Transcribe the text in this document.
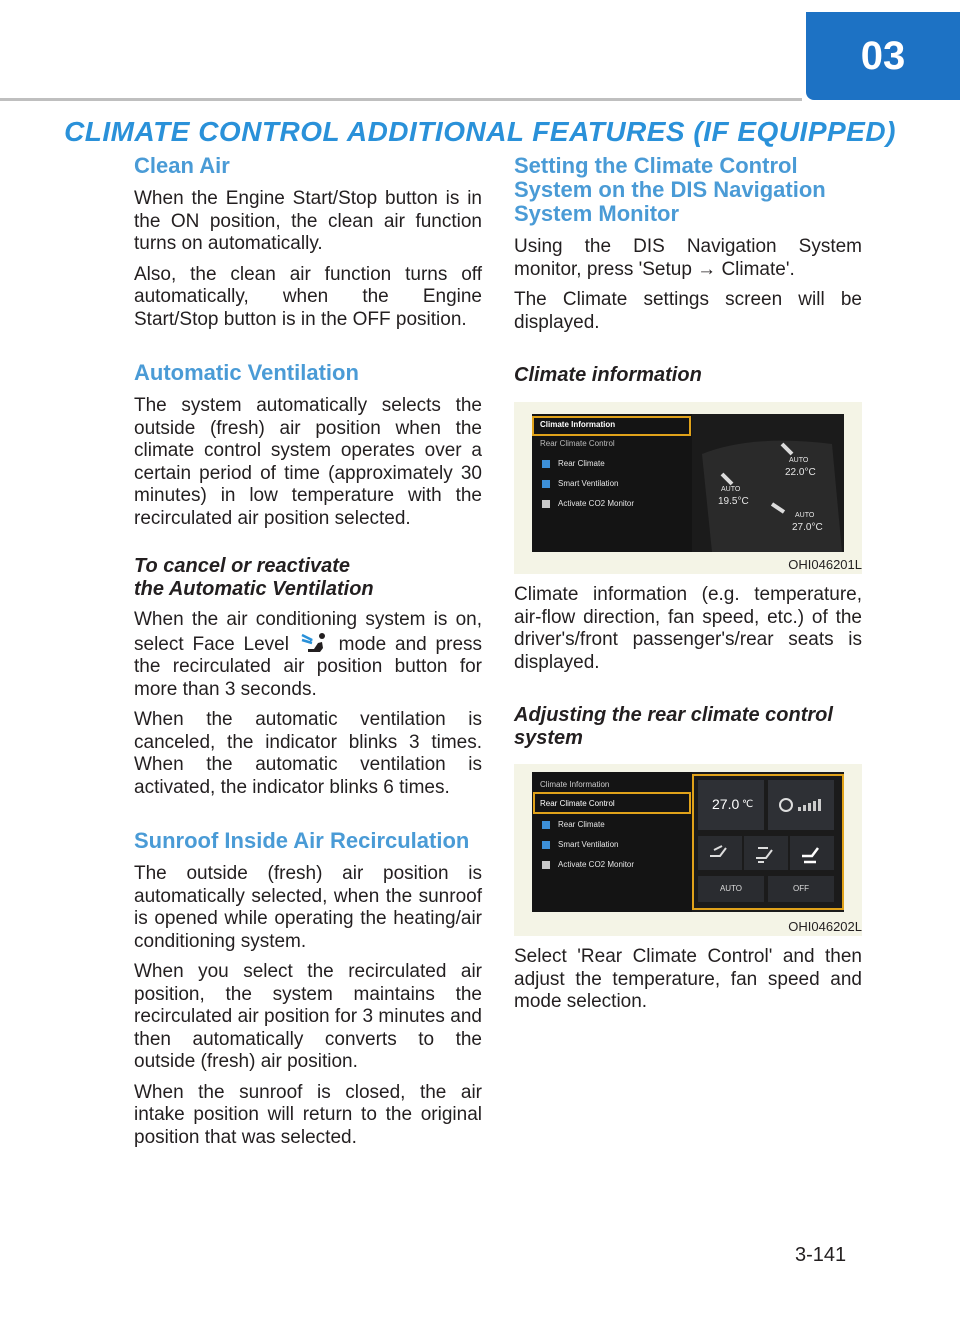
03
CLIMATE CONTROL ADDITIONAL FEATURES (IF EQUIPPED)
Clean Air

When the Engine Start/Stop button is in the ON position, the clean air function turns on automatically.

Also, the clean air function turns off automatically, when the Engine Start/Stop button is in the OFF position.

Automatic Ventilation

The system automatically selects the outside (fresh) air position when the climate control system operates over a certain period of time (approximately 30 minutes) in low temperature with the recirculated air position selected.

To cancel or reactivate
the Automatic Ventilation

When the air conditioning system is on, select Face Level	mode and press the recirculated air position button for more than 3 seconds.

When the automatic ventilation is canceled, the indicator blinks 3 times. When the automatic ventilation is activated, the indicator blinks 6 times.

Sunroof Inside Air Recirculation

The outside (fresh) air position is automatically selected, when the sunroof is opened while operating the heating/air conditioning system.

When you select the recirculated air position, the system maintains the recirculated air position for 3 minutes and then automatically converts to the outside (fresh) air position.

When the sunroof is closed, the air intake position will return to the original position that was selected.

Setting the Climate Control System on the DIS Navigation System Monitor

Using the DIS Navigation System monitor, press 'Setup → Climate'.

The Climate settings screen will be displayed.

Climate information
Climate Information
Rear Climate Control
Rear Climate
Smart Ventilation
Activate CO2 Monitor
AUTO
22.0°C
AUTO
19.5°C
AUTO
27.0°C
OHI046201L

Climate information (e.g. temperature, air-flow direction, fan speed, etc.) of the driver's/front passenger's/rear seats is displayed.

Adjusting the rear climate control system
Climate Information
Rear Climate Control
Rear Climate
Smart Ventilation
Activate CO2 Monitor
27.0 ℃
AUTO	OFF
OHI046202L

Select 'Rear Climate Control' and then adjust the temperature, fan speed and mode selection.

3-141
